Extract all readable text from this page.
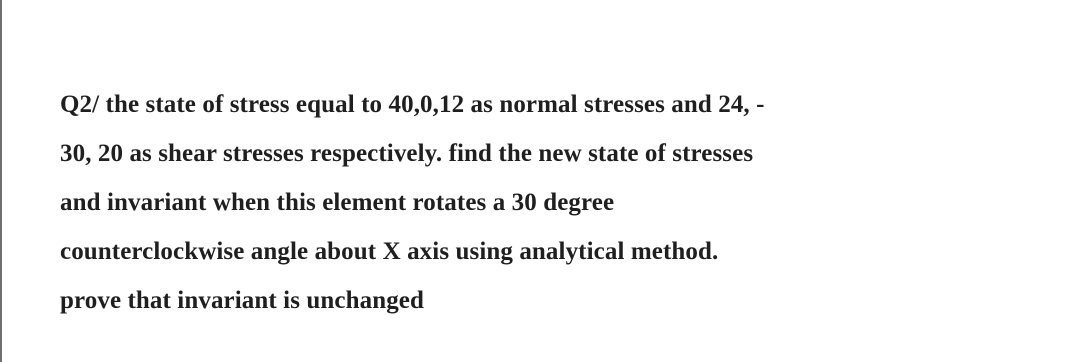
Q2/ the state of stress equal to 40,0,12 as normal stresses and 24, -
30, 20 as shear stresses respectively. find the new state of stresses
and invariant when this element rotates a 30 degree
counterclockwise angle about X axis using analytical method.
prove that invariant is unchanged
